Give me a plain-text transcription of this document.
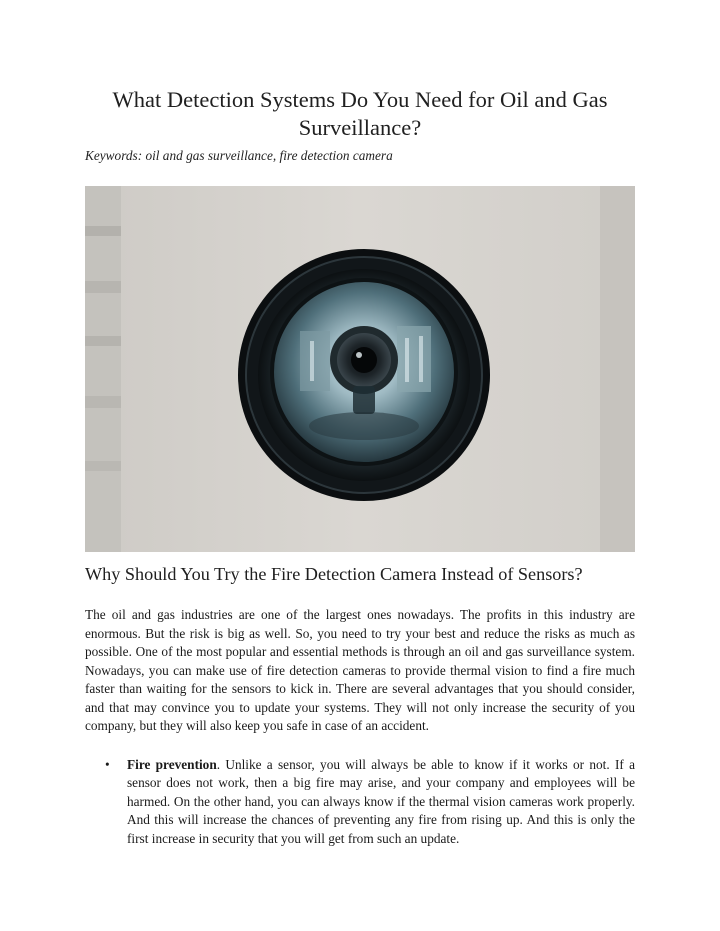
What Detection Systems Do You Need for Oil and Gas Surveillance?

Keywords: oil and gas surveillance, fire detection camera

Why Should You Try the Fire Detection Camera Instead of Sensors?

The oil and gas industries are one of the largest ones nowadays. The profits in this industry are enormous. But the risk is big as well. So, you need to try your best and reduce the risks as much as possible. One of the most popular and essential methods is through an oil and gas surveillance system. Nowadays, you can make use of fire detection cameras to provide thermal vision to find a fire much faster than waiting for the sensors to kick in. There are several advantages that you should consider, and that may convince you to update your systems. They will not only increase the security of you company, but they will also keep you safe in case of an accident.

• Fire prevention. Unlike a sensor, you will always be able to know if it works or not. If a sensor does not work, then a big fire may arise, and your company and employees will be harmed. On the other hand, you can always know if the thermal vision cameras work properly. And this will increase the chances of preventing any fire from rising up. And this is only the first increase in security that you will get from such an update.
